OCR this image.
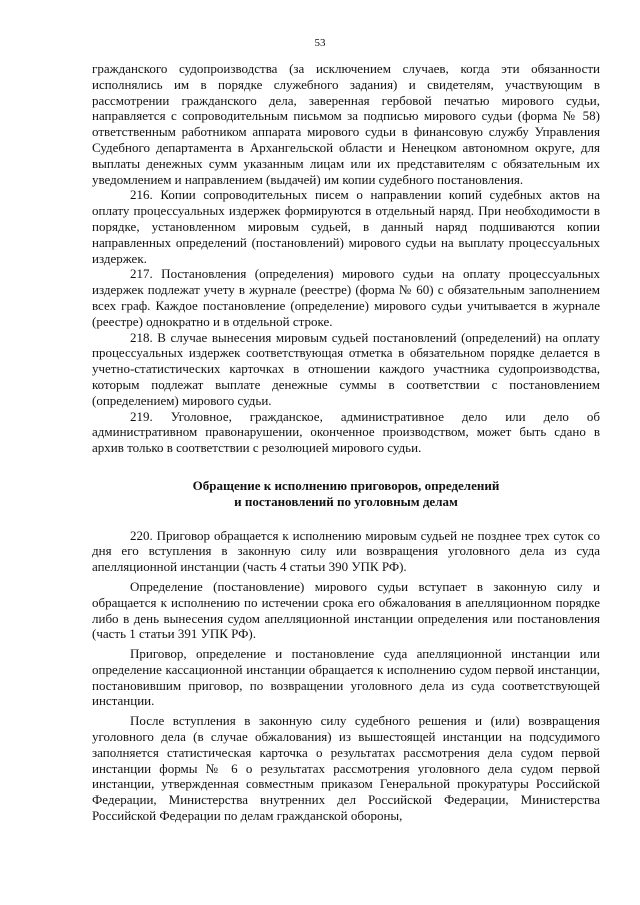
53

гражданского судопроизводства (за исключением случаев, когда эти обязанности исполнялись им в порядке служебного задания) и свидетелям, участвующим в рассмотрении гражданского дела, заверенная гербовой печатью мирового судьи, направляется с сопроводительным письмом за подписью мирового судьи (форма № 58) ответственным работником аппарата мирового судьи в финансовую службу Управления Судебного департамента в Архангельской области и Ненецком автономном округе, для выплаты денежных сумм указанным лицам или их представителям с обязательным их уведомлением и направлением (выдачей) им копии судебного постановления.

216. Копии сопроводительных писем о направлении копий судебных актов на оплату процессуальных издержек формируются в отдельный наряд. При необходимости в порядке, установленном мировым судьей, в данный наряд подшиваются копии направленных определений (постановлений) мирового судьи на выплату процессуальных издержек.

217. Постановления (определения) мирового судьи на оплату процессуальных издержек подлежат учету в журнале (реестре) (форма № 60) с обязательным заполнением всех граф. Каждое постановление (определение) мирового судьи учитывается в журнале (реестре) однократно и в отдельной строке.

218. В случае вынесения мировым судьей постановлений (определений) на оплату процессуальных издержек соответствующая отметка в обязательном порядке делается в учетно-статистических карточках в отношении каждого участника судопроизводства, которым подлежат выплате денежные суммы в соответствии с постановлением (определением) мирового судьи.

219. Уголовное, гражданское, административное дело или дело об административном правонарушении, оконченное производством, может быть сдано в архив только в соответствии с резолюцией мирового судьи.

Обращение к исполнению приговоров, определений
и постановлений по уголовным делам

220. Приговор обращается к исполнению мировым судьей не позднее трех суток со дня его вступления в законную силу или возвращения уголовного дела из суда апелляционной инстанции (часть 4 статьи 390 УПК РФ).

Определение (постановление) мирового судьи вступает в законную силу и обращается к исполнению по истечении срока его обжалования в апелляционном порядке либо в день вынесения судом апелляционной инстанции определения или постановления (часть 1 статьи 391 УПК РФ).

Приговор, определение и постановление суда апелляционной инстанции или определение кассационной инстанции обращается к исполнению судом первой инстанции, постановившим приговор, по возвращении уголовного дела из суда соответствующей инстанции.

После вступления в законную силу судебного решения и (или) возвращения уголовного дела (в случае обжалования) из вышестоящей инстанции на подсудимого заполняется статистическая карточка о результатах рассмотрения дела судом первой инстанции формы № 6 о результатах рассмотрения уголовного дела судом первой инстанции, утвержденная совместным приказом Генеральной прокуратуры Российской Федерации, Министерства внутренних дел Российской Федерации, Министерства Российской Федерации по делам гражданской обороны,
